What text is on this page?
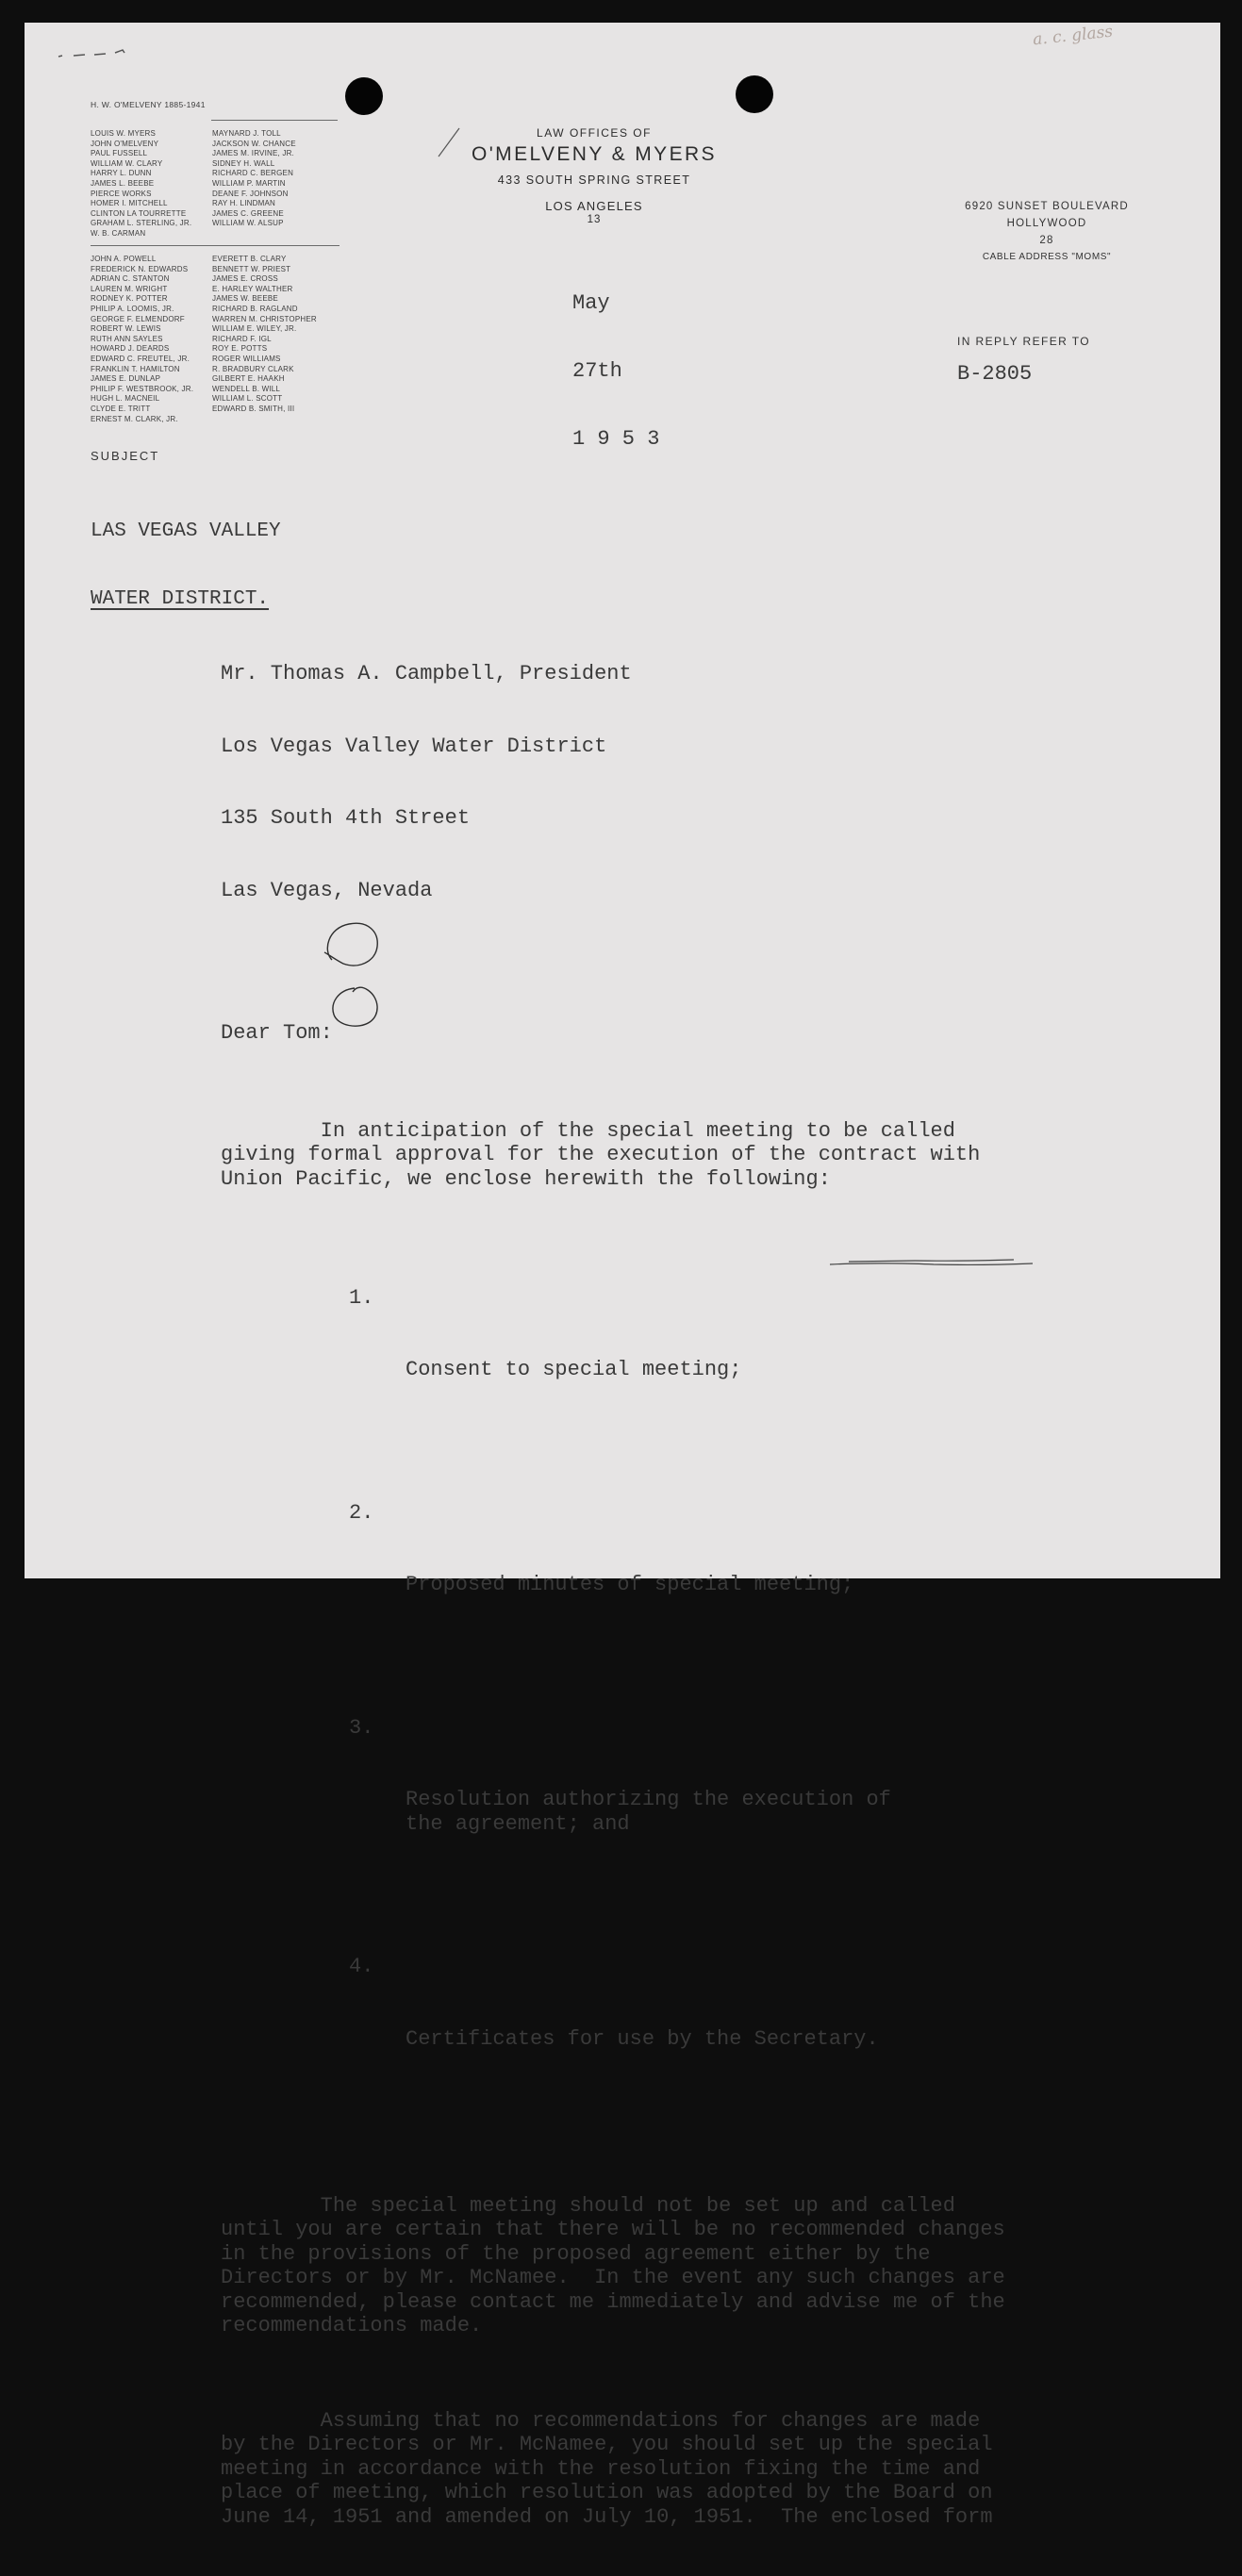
a. c. glass
H. W. O'MELVENY 1885-1941
LOUIS W. MYERS
JOHN O'MELVENY
PAUL FUSSELL
WILLIAM W. CLARY
HARRY L. DUNN
JAMES L. BEEBE
PIERCE WORKS
HOMER I. MITCHELL
CLINTON LA TOURRETTE
GRAHAM L. STERLING, JR.
W. B. CARMAN
MAYNARD J. TOLL
JACKSON W. CHANCE
JAMES M. IRVINE, JR.
SIDNEY H. WALL
RICHARD C. BERGEN
WILLIAM P. MARTIN
DEANE F. JOHNSON
RAY H. LINDMAN
JAMES C. GREENE
WILLIAM W. ALSUP
JOHN A. POWELL
FREDERICK N. EDWARDS
ADRIAN C. STANTON
LAUREN M. WRIGHT
RODNEY K. POTTER
PHILIP A. LOOMIS, JR.
GEORGE F. ELMENDORF
ROBERT W. LEWIS
RUTH ANN SAYLES
HOWARD J. DEARDS
EDWARD C. FREUTEL, JR.
FRANKLIN T. HAMILTON
JAMES E. DUNLAP
PHILIP F. WESTBROOK, JR.
HUGH L. MACNEIL
CLYDE E. TRITT
ERNEST M. CLARK, JR.
EVERETT B. CLARY
BENNETT W. PRIEST
JAMES E. CROSS
E. HARLEY WALTHER
JAMES W. BEEBE
RICHARD B. RAGLAND
WARREN M. CHRISTOPHER
WILLIAM E. WILEY, JR.
RICHARD F. IGL
ROY E. POTTS
ROGER WILLIAMS
R. BRADBURY CLARK
GILBERT E. HAAKH
WENDELL B. WILL
WILLIAM L. SCOTT
EDWARD B. SMITH, III
LAW OFFICES OF
O'MELVENY & MYERS
433 SOUTH SPRING STREET
LOS ANGELES
13
6920 SUNSET BOULEVARD
HOLLYWOOD
28
CABLE ADDRESS "MOMS"

May

27th

1 9 5 3

IN REPLY REFER TO
B-2805
SUBJECT

LAS VEGAS VALLEY

WATER DISTRICT.

Mr. Thomas A. Campbell, President

Los Vegas Valley Water District

135 South 4th Street

Las Vegas, Nevada

Dear Tom:

In anticipation of the special meeting to be called
giving formal approval for the execution of the contract with
Union Pacific, we enclose herewith the following:

1.

Consent to special meeting;

2.

Proposed minutes of special meeting;

3.

Resolution authorizing the execution of
the agreement; and

4.

Certificates for use by the Secretary.

The special meeting should not be set up and called
until you are certain that there will be no recommended changes
in the provisions of the proposed agreement either by the
Directors or by Mr. McNamee.  In the event any such changes are
recommended, please contact me immediately and advise me of the
recommendations made.

Assuming that no recommendations for changes are made
by the Directors or Mr. McNamee, you should set up the special
meeting in accordance with the resolution fixing the time and
place of meeting, which resolution was adopted by the Board on
June 14, 1951 and amended on July 10, 1951.  The enclosed form
